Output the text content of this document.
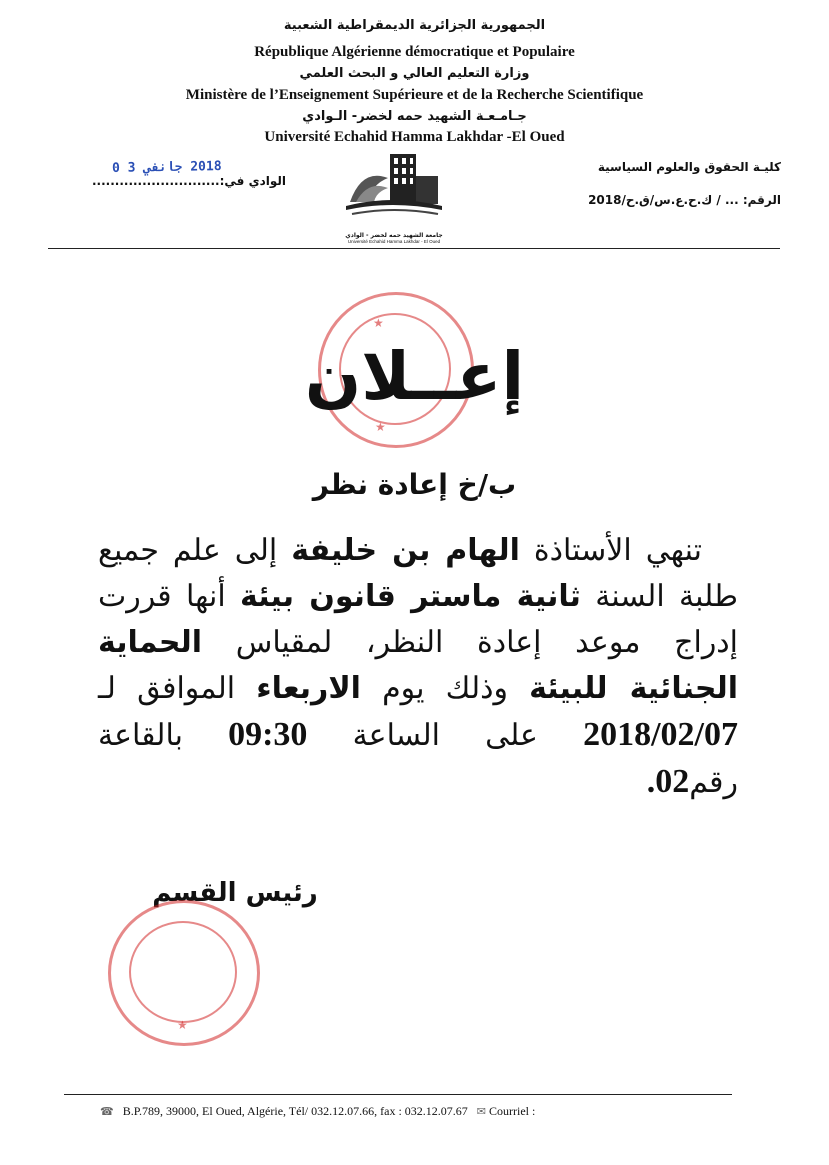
الجمهورية الجزائرية الديمقراطية الشعبية
République Algérienne démocratique et Populaire
وزارة التعليم العالي و البحث العلمي
Ministère de l’Enseignement Supérieure et de la Recherche Scientifique
جـامـعـة الشهيد حمه لخضر- الـوادي
Université Echahid Hamma Lakhdar -El Oued
كليـة الحقوق والعلوم السياسية
الرقم: ... / ك.ح.ع.س/ق.ح/2018
الوادي في:............................
2018 جانفي 3 0
جامعة الشهيد حمه لخضر - الوادي
Université Echahid Hamma Lakhdar - El Oued
★
★
إعــلان
ب/خ إعادة نظر
تنهي الأستاذة الهام بن خليفة إلى علم جميع
طلبة السنة ثانية ماستر قانون بيئة أنها قررت
إدراج موعد إعادة النظر، لمقياس الحماية
الجنائية للبيئة وذلك يوم الاربعاء الموافق لـ
2018/02/07 على الساعة 09:30 بالقاعة
رقم02.
رئيس القسم
★
☎ B.P.789, 39000, El Oued, Algérie, Tél/ 032.12.07.66, fax : 032.12.07.67 ✉ Courriel :
